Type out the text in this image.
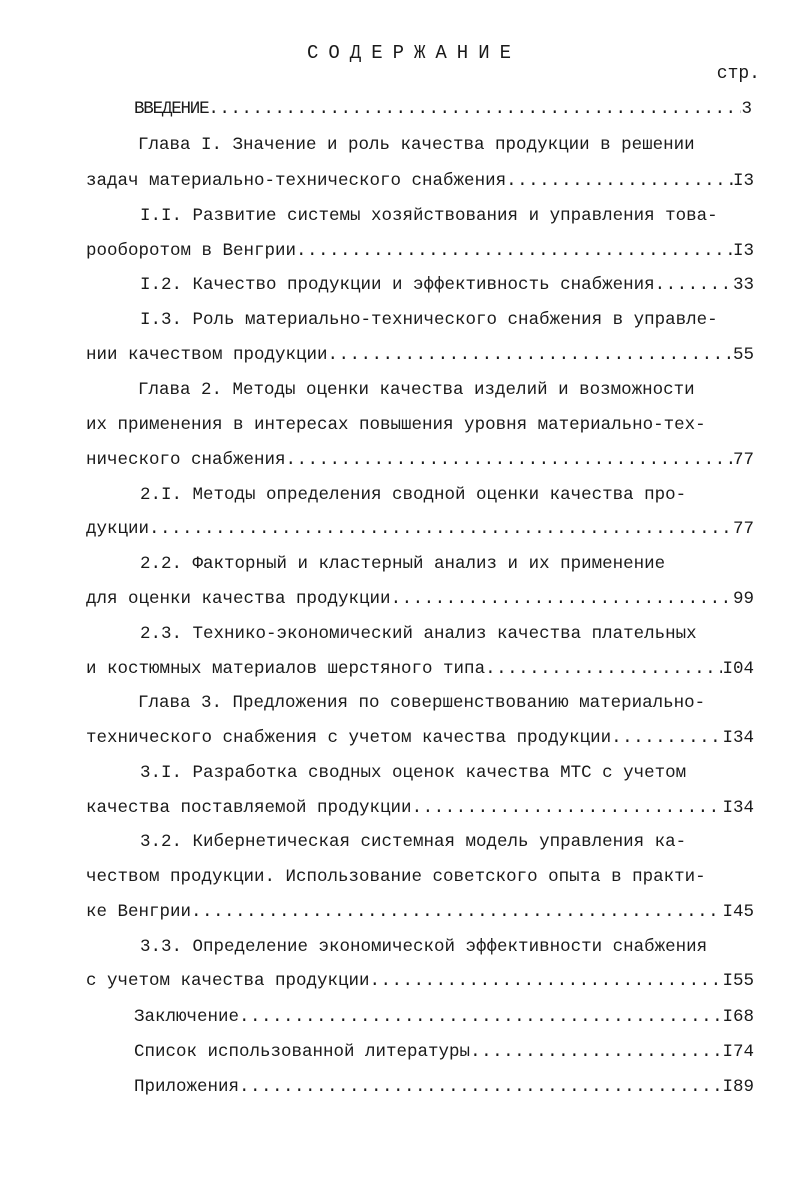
СОДЕРЖАНИЕ
стр.
ВВЕДЕНИЕ .....	3
Глава I. Значение и роль качества продукции в решении
задач материально-технического снабжения .....	I3
I.I. Развитие системы хозяйствования и управления това-
рооборотом в Венгрии .....	I3
I.2. Качество продукции и эффективность снабжения .....	33
I.3. Роль материально-технического снабжения в управле-
нии качеством продукции .....	55
Глава 2. Методы оценки качества изделий и возможности
их применения в интересах повышения уровня материально-тех-
нического снабжения .....	77
2.I. Методы определения сводной оценки качества про-
дукции .....	77
2.2. Факторный и кластерный анализ и их применение
для оценки качества продукции .....	99
2.3. Технико-экономический анализ качества плательных
и костюмных материалов шерстяного типа .....	I04
Глава 3. Предложения по совершенствованию материально-
технического снабжения с учетом качества продукции .....	I34
3.I. Разработка сводных оценок качества МТС с учетом
качества поставляемой продукции .....	I34
3.2. Кибернетическая системная модель управления ка-
чеством продукции. Использование советского опыта в практи-
ке Венгрии .....	I45
3.3. Определение экономической эффективности снабжения
с учетом качества продукции .....	I55
Заключение .....	I68
Список использованной литературы .....	I74
Приложения .....	I89
